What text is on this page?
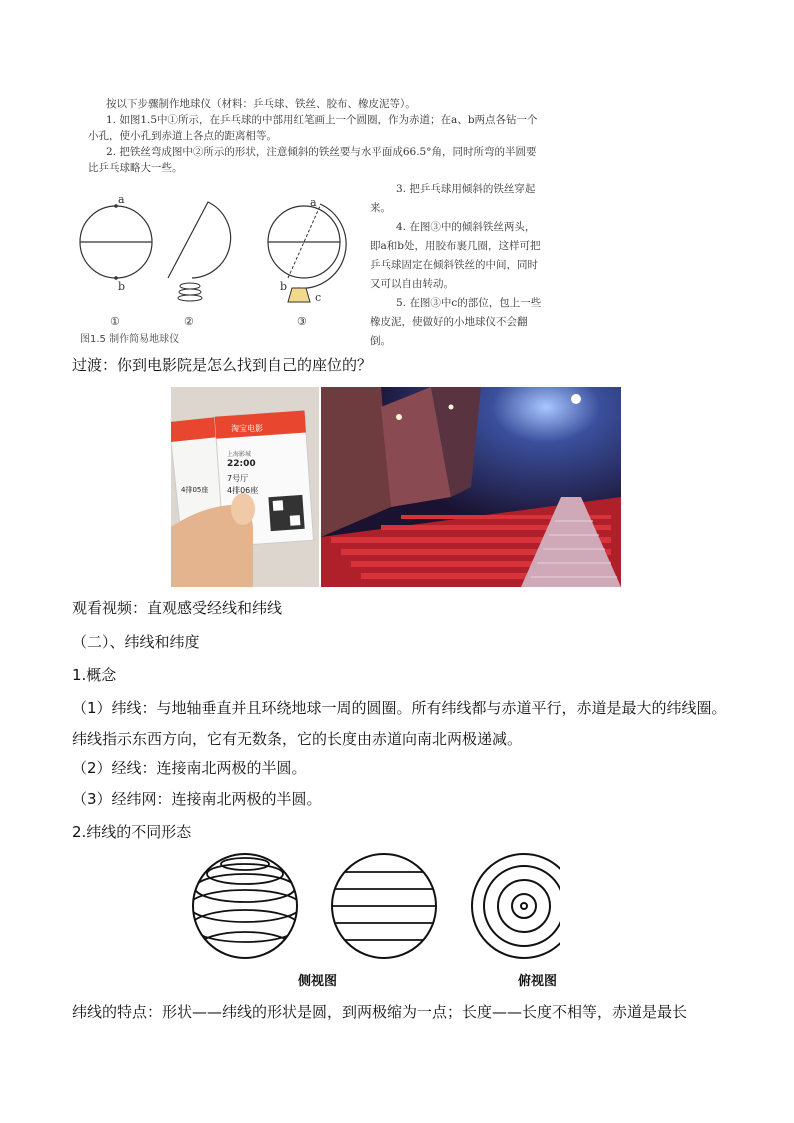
按以下步骤制作地球仪（材料：乒乓球、铁丝、胶布、橡皮泥等）。

1. 如图1.5中①所示，在乒乓球的中部用红笔画上一个圆圈，作为赤道；在a、b两点各钻一个小孔，使小孔到赤道上各点的距离相等。

2. 把铁丝弯成图中②所示的形状，注意倾斜的铁丝要与水平面成66.5°角，同时所弯的半圆要比乒乓球略大一些。

3. 把乒乓球用倾斜的铁丝穿起来。

4. 在图③中的倾斜铁丝两头，即a和b处，用胶布裹几圈，这样可把乒乓球固定在倾斜铁丝的中间，同时又可以自由转动。

5. 在图③中c的部位，包上一些橡皮泥，使做好的小地球仪不会翻倒。

a
b
①	②
a
b
c
③
图1.5 制作简易地球仪
过渡：你到电影院是怎么找到自己的座位的？
淘宝电影
上海影城
22:00
7号厅
4排06座
4排05座
观看视频：直观感受经线和纬线
（二）、纬线和纬度
1.概念
（1）纬线：与地轴垂直并且环绕地球一周的圆圈。所有纬线都与赤道平行，赤道是最大的纬线圈。纬线指示东西方向，它有无数条，它的长度由赤道向南北两极递减。
（2）经线：连接南北两极的半圆。
（3）经纬网：连接南北两极的半圆。
2.纬线的不同形态
侧视图	俯视图
纬线的特点：形状——纬线的形状是圆，到两极缩为一点；长度——长度不相等，赤道是最长
